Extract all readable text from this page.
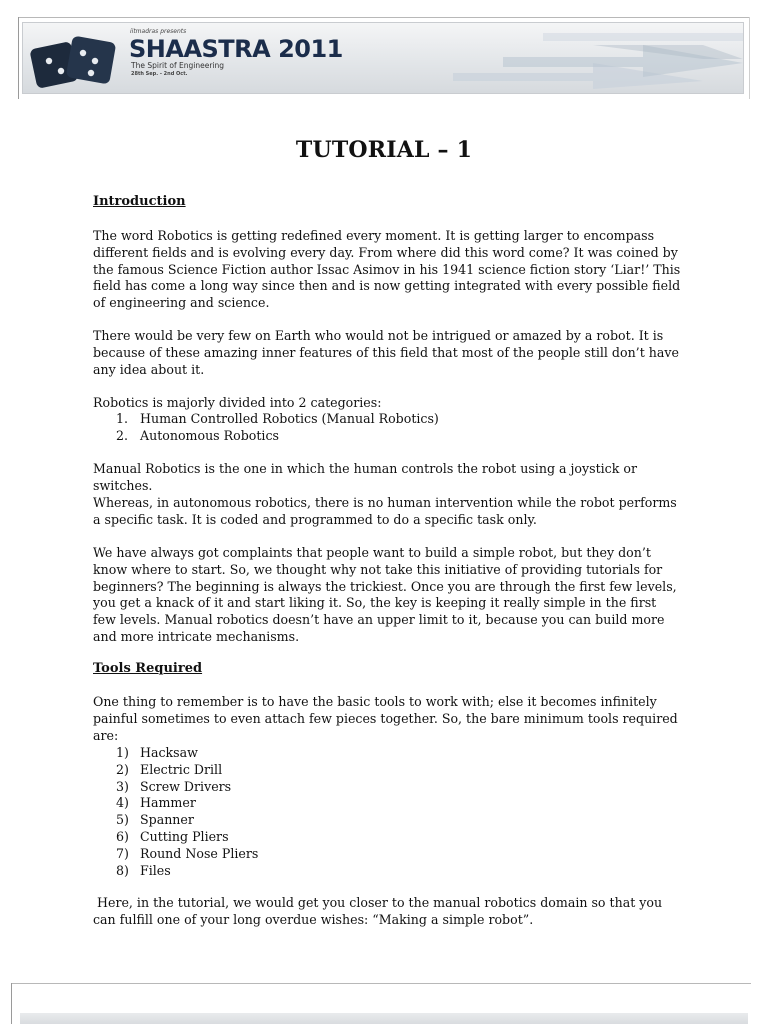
iitmadras presents
SHAASTRA 2011
The Spirit of Engineering
28th Sep. - 2nd Oct.
TUTORIAL – 1

Introduction

The word Robotics is getting redefined every moment. It is getting larger to encompass different fields and is evolving every day. From where did this word come? It was coined by the famous Science Fiction author Issac Asimov in his 1941 science fiction story ‘Liar!’ This field has come a long way since then and is now getting integrated with every possible field of engineering and science.

There would be very few on Earth who would not be intrigued or amazed by a robot. It is because of these amazing inner features of this field that most of the people still don’t have any idea about it.

Robotics is majorly divided into 2 categories:

1. Human Controlled Robotics (Manual Robotics)
2. Autonomous Robotics

Manual Robotics is the one in which the human controls the robot using a joystick or switches.

Whereas, in autonomous robotics, there is no human intervention while the robot performs a specific task. It is coded and programmed to do a specific task only.

We have always got complaints that people want to build a simple robot, but they don’t know where to start. So, we thought why not take this initiative of providing tutorials for beginners? The beginning is always the trickiest. Once you are through the first few levels, you get a knack of it and start liking it. So, the key is keeping it really simple in the first few levels. Manual robotics doesn’t have an upper limit to it, because you can build more and more intricate mechanisms.

Tools Required

One thing to remember is to have the basic tools to work with; else it becomes infinitely painful sometimes to even attach few pieces together. So, the bare minimum tools required are:

1) Hacksaw
2) Electric Drill
3) Screw Drivers
4) Hammer
5) Spanner
6) Cutting Pliers
7) Round Nose Pliers
8) Files

Here, in the tutorial, we would get you closer to the manual robotics domain so that you can fulfill one of your long overdue wishes: “Making a simple robot”.
